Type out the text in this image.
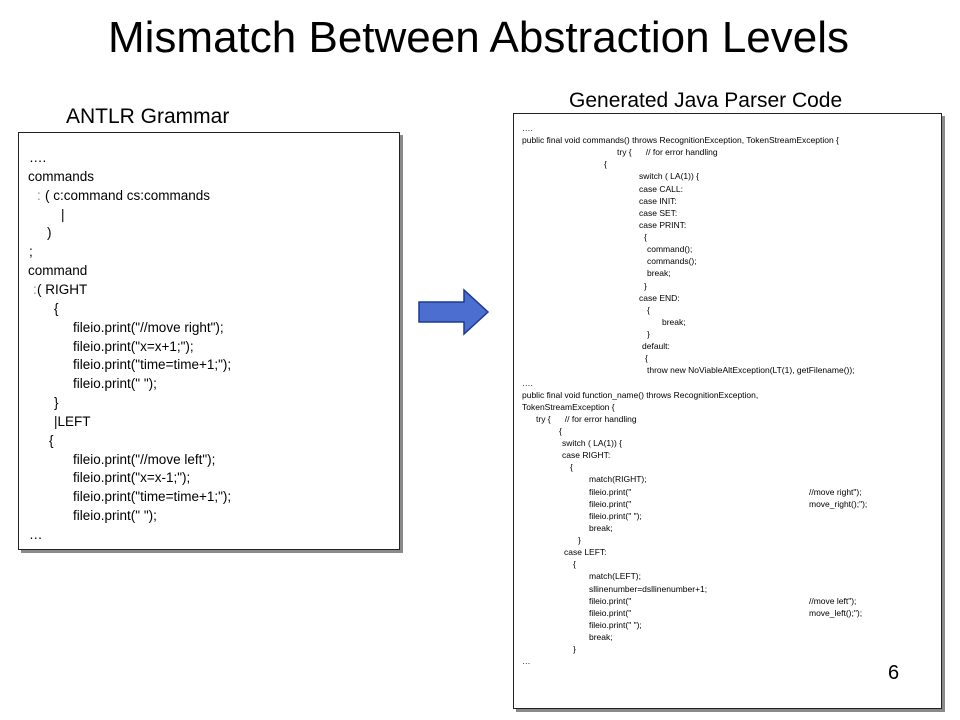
Mismatch Between Abstraction Levels
Generated Java Parser Code
ANTLR Grammar
….
commands
( c:command cs:commands
:
|
)
;
command
( RIGHT
:
{
fileio.print("//move right");
fileio.print("x=x+1;");
fileio.print("time=time+1;");
fileio.print(" ");
}
|LEFT
{
fileio.print("//move left");
fileio.print("x=x-1;");
fileio.print("time=time+1;");
fileio.print(" ");
…
….
public final void commands() throws RecognitionException, TokenStreamException {
try {      // for error handling
{
switch ( LA(1)) {
case CALL:
case INIT:
case SET:
case PRINT:
{
command();
commands();
break;
}
case END:
{
break;
}
default:
{
throw new NoViableAltException(LT(1), getFilename());
….
public final void function_name() throws RecognitionException,
TokenStreamException {
try {      // for error handling
{
switch ( LA(1)) {
case RIGHT:
{
match(RIGHT);
fileio.print("	//move right");
fileio.print("	move_right();");
fileio.print(" ");
break;
}
case LEFT:
{
match(LEFT);
sllinenumber=dsllinenumber+1;
fileio.print("	//move left");
fileio.print("	move_left();");
fileio.print(" ");
break;
}
…
6
